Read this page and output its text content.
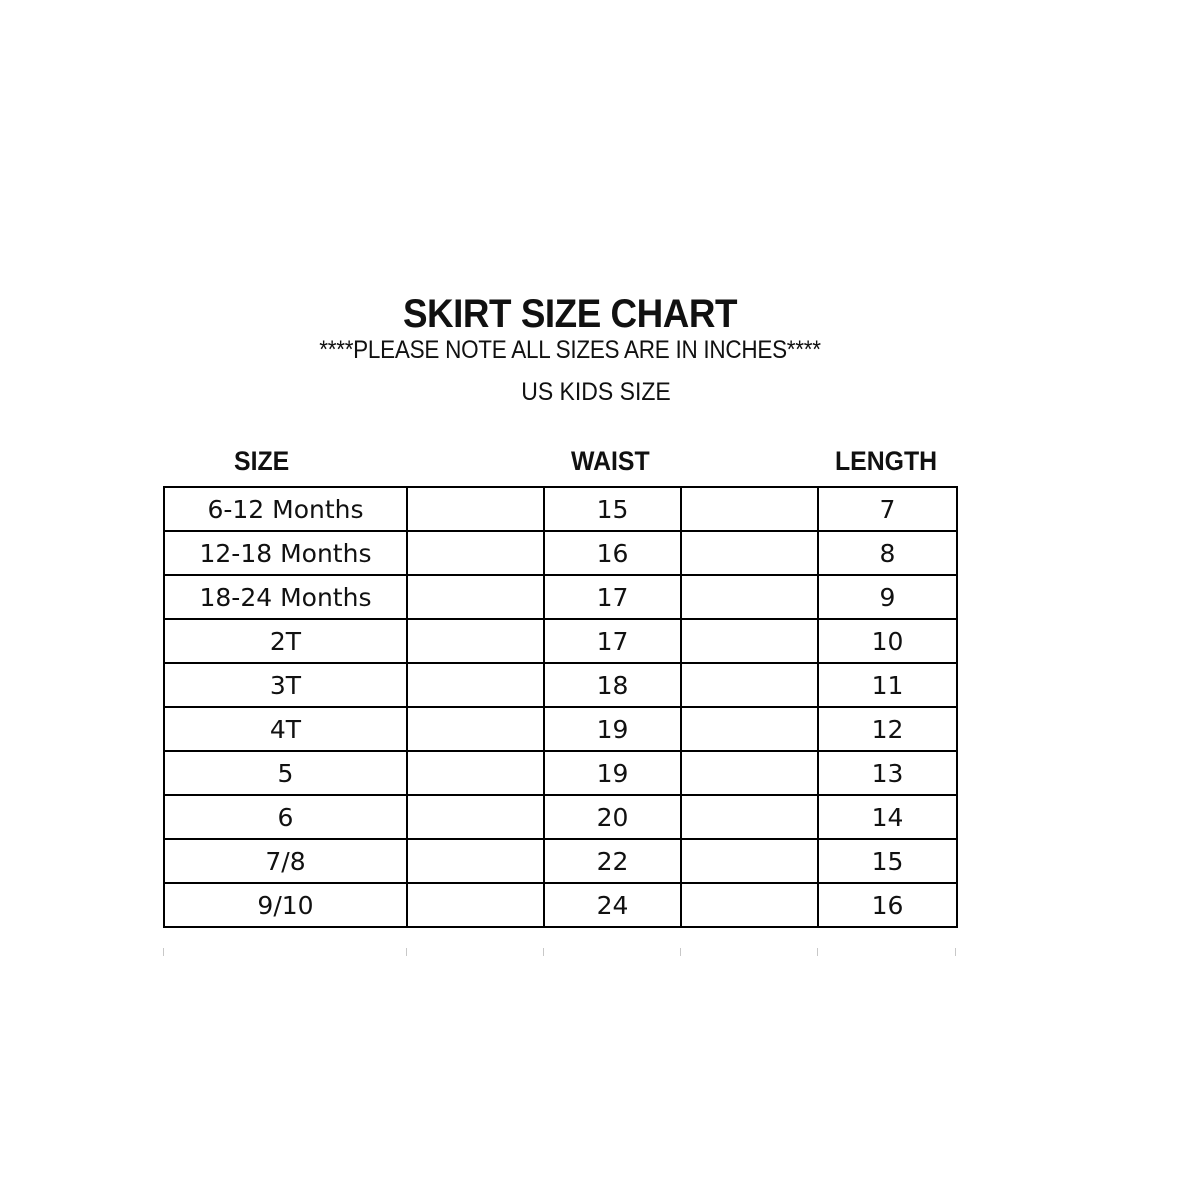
SKIRT SIZE CHART
****PLEASE NOTE ALL SIZES ARE IN INCHES****
US KIDS SIZE
SIZE	WAIST	LENGTH
6-12 Months		15		7
12-18 Months		16		8
18-24 Months		17		9
2T		17		10
3T		18		11
4T		19		12
5		19		13
6		20		14
7/8		22		15
9/10		24		16
